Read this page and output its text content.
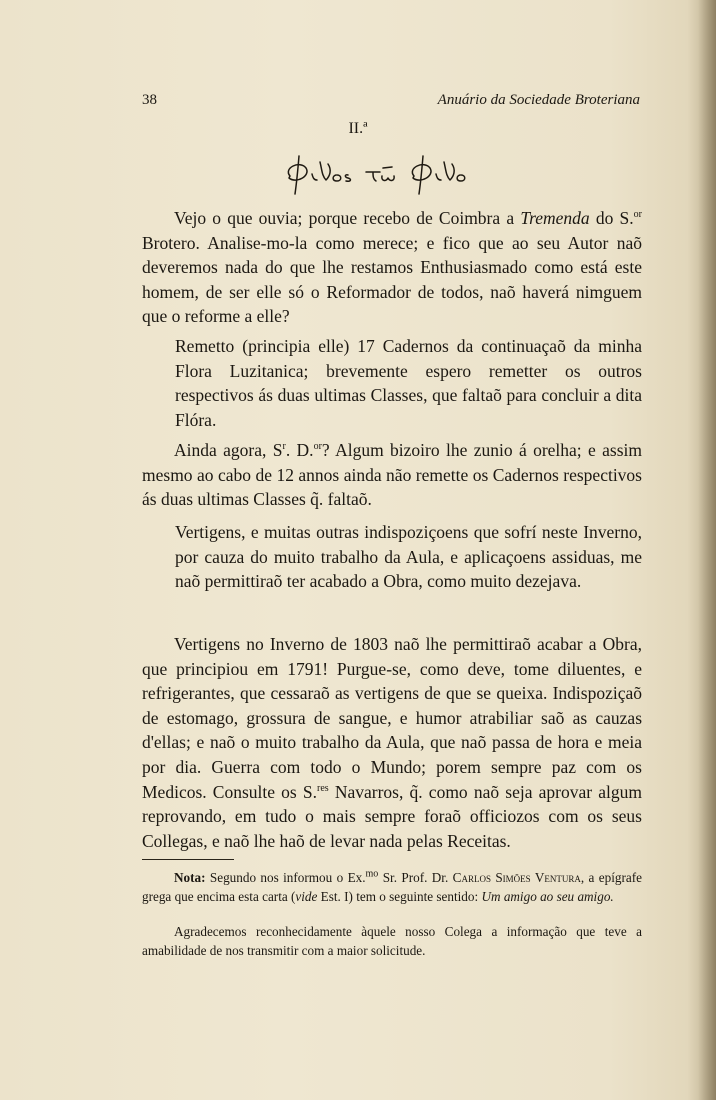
38	Anuário da Sociedade Broteriana
II.ª

Vejo o que ouvia; porque recebo de Coimbra a Tremenda do S.$^{or}$ Brotero. Analise-mo-la como merece; e fico que ao seu Autor naõ deveremos nada do que lhe restamos Enthusiasmado como está este homem, de ser elle só o Reformador de todos, naõ haverá nimguem que o reforme a elle?

Remetto (principia elle) 17 Cadernos da continuaçaõ da minha Flora Luzitanica; brevemente espero remetter os outros respectivos ás duas ultimas Classes, que faltaõ para concluir a dita Flóra.

Ainda agora, $S^r$. D.$^{or}$? Algum bizoiro lhe zunio á orelha; e assim mesmo ao cabo de 12 annos ainda não remette os Cadernos respectivos ás duas ultimas Classes q̃. faltaõ.

Vertigens, e muitas outras indispoziçoens que sofrí neste Inverno, por cauza do muito trabalho da Aula, e aplicaçoens assiduas, me naõ permittiraõ ter acabado a Obra, como muito dezejava.

Vertigens no Inverno de 1803 naõ lhe permittiraõ acabar a Obra, que principiou em 1791! Purgue-se, como deve, tome diluentes, e refrigerantes, que cessaraõ as vertigens de que se queixa. Indispoziçaõ de estomago, grossura de sangue, e humor atrabiliar saõ as cauzas d'ellas; e naõ o muito trabalho da Aula, que naõ passa de hora e meia por dia. Guerra com todo o Mundo; porem sempre paz com os Medicos. Consulte os S.$^{res}$ Navarros, q̃. como naõ seja aprovar algum reprovando, em tudo o mais sempre foraõ officiozos com os seus Collegas, e naõ lhe haõ de levar nada pelas Receitas.

Nota: Segundo nos informou o Ex.$^{mo}$ Sr. Prof. Dr. Carlos Simões Ventura, a epígrafe grega que encima esta carta (vide Est. I) tem o seguinte sentido: Um amigo ao seu amigo.

Agradecemos reconhecidamente àquele nosso Colega a informação que teve a amabilidade de nos transmitir com a maior solicitude.
